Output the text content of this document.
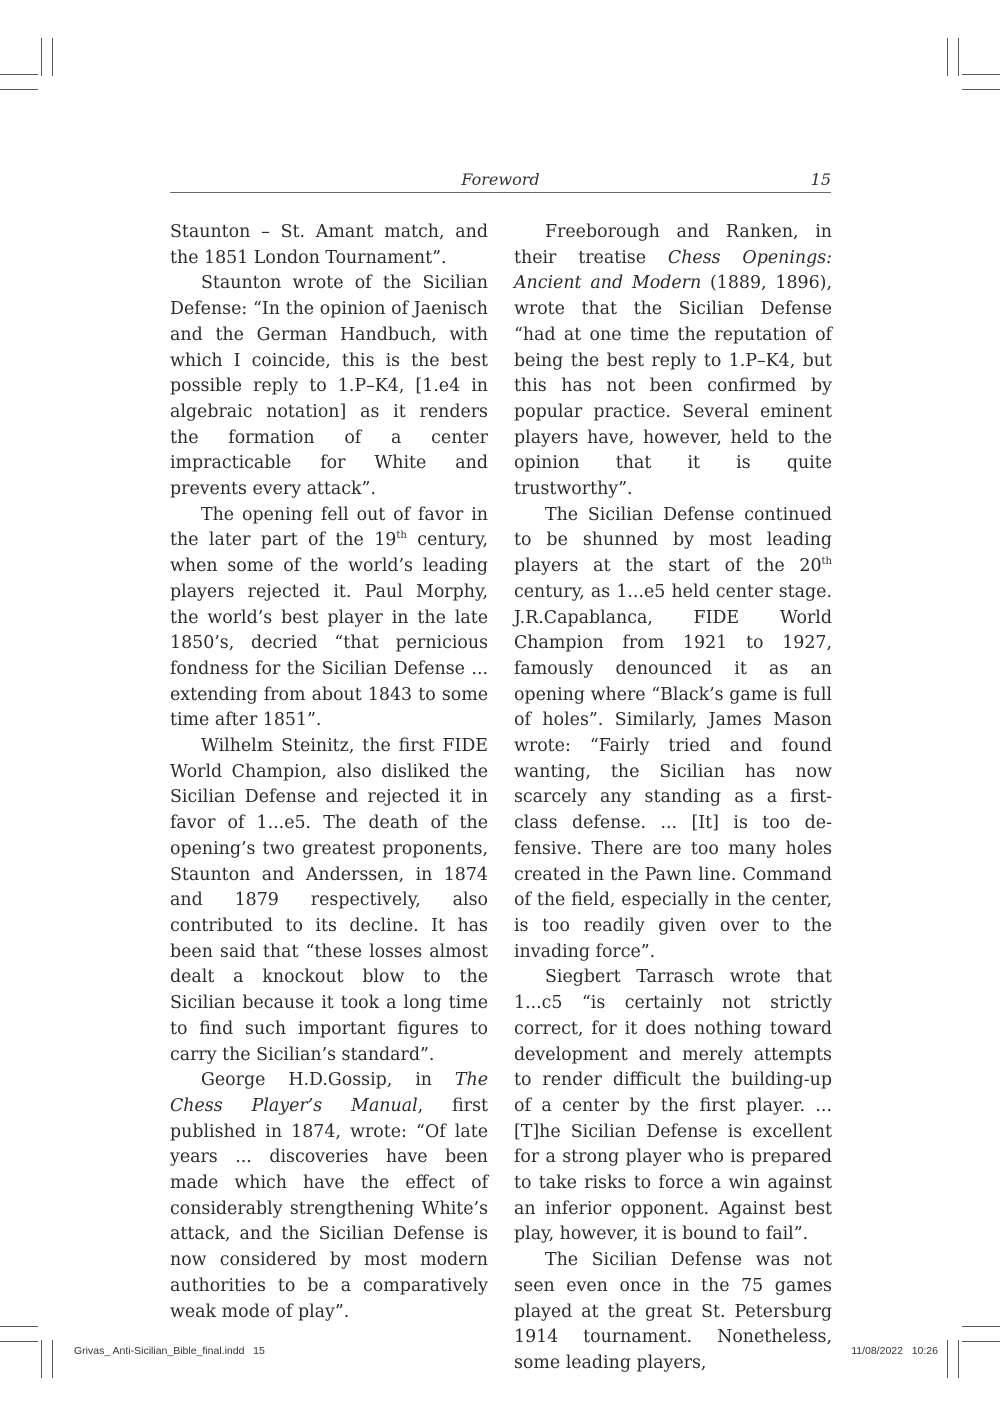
Foreword	15

Staunton – St. Amant match, and the 1851 London Tournament”.

Staunton wrote of the Sicilian Defense: “In the opinion of Jaenisch and the German Handbuch, with which I coincide, this is the best possible reply to 1.P–K4, [1.e4 in algebraic notation] as it renders the formation of a center impracticable for White and prevents every attack”.

The opening fell out of favor in the later part of the 19th century, when some of the world’s leading players rejected it. Paul Morphy, the world’s best player in the late 1850’s, decried “that pernicious fondness for the Sicilian Defense ... extending from about 1843 to some time after 1851”.

Wilhelm Steinitz, the first FIDE World Champion, also disliked the Sicilian Defense and rejected it in favor of 1...e5. The death of the opening’s two greatest proponents, Staunton and Anderssen, in 1874 and 1879 respectively, also contributed to its decline. It has been said that “these losses almost dealt a knockout blow to the Sicilian because it took a long time to find such important figures to carry the Sicilian’s standard”.

George H.D.Gossip, in The Chess Player’s Manual, first published in 1874, wrote: “Of late years ... discoveries have been made which have the effect of considerably strengthening White’s attack, and the Sicilian Defense is now considered by most modern authorities to be a comparatively weak mode of play”.

Freeborough and Ranken, in their treatise Chess Openings: Ancient and Modern (1889, 1896), wrote that the Sicilian Defense “had at one time the reputation of being the best reply to 1.P–K4, but this has not been confirmed by popular practice. Several eminent players have, however, held to the opinion that it is quite trustworthy”.

The Sicilian Defense continued to be shunned by most leading players at the start of the 20th century, as 1...e5 held center stage. J.R.Capablanca, FIDE World Champion from 1921 to 1927, famously denounced it as an opening where “Black’s game is full of holes”. Similarly, James Mason wrote: “Fairly tried and found wanting, the Sicilian has now scarcely any standing as a first-class defense. ... [It] is too defensive. There are too many holes created in the Pawn line. Command of the field, especially in the center, is too readily given over to the invading force”.

Siegbert Tarrasch wrote that 1...c5 “is certainly not strictly correct, for it does nothing toward development and merely attempts to render difficult the building-up of a center by the first player. ... [T]he Sicilian Defense is excellent for a strong player who is prepared to take risks to force a win against an inferior opponent. Against best play, however, it is bound to fail”.

The Sicilian Defense was not seen even once in the 75 games played at the great St. Petersburg 1914 tournament. Nonetheless, some leading players,

Grivas_ Anti-Sicilian_Bible_final.indd   15	11/08/2022   10:26
